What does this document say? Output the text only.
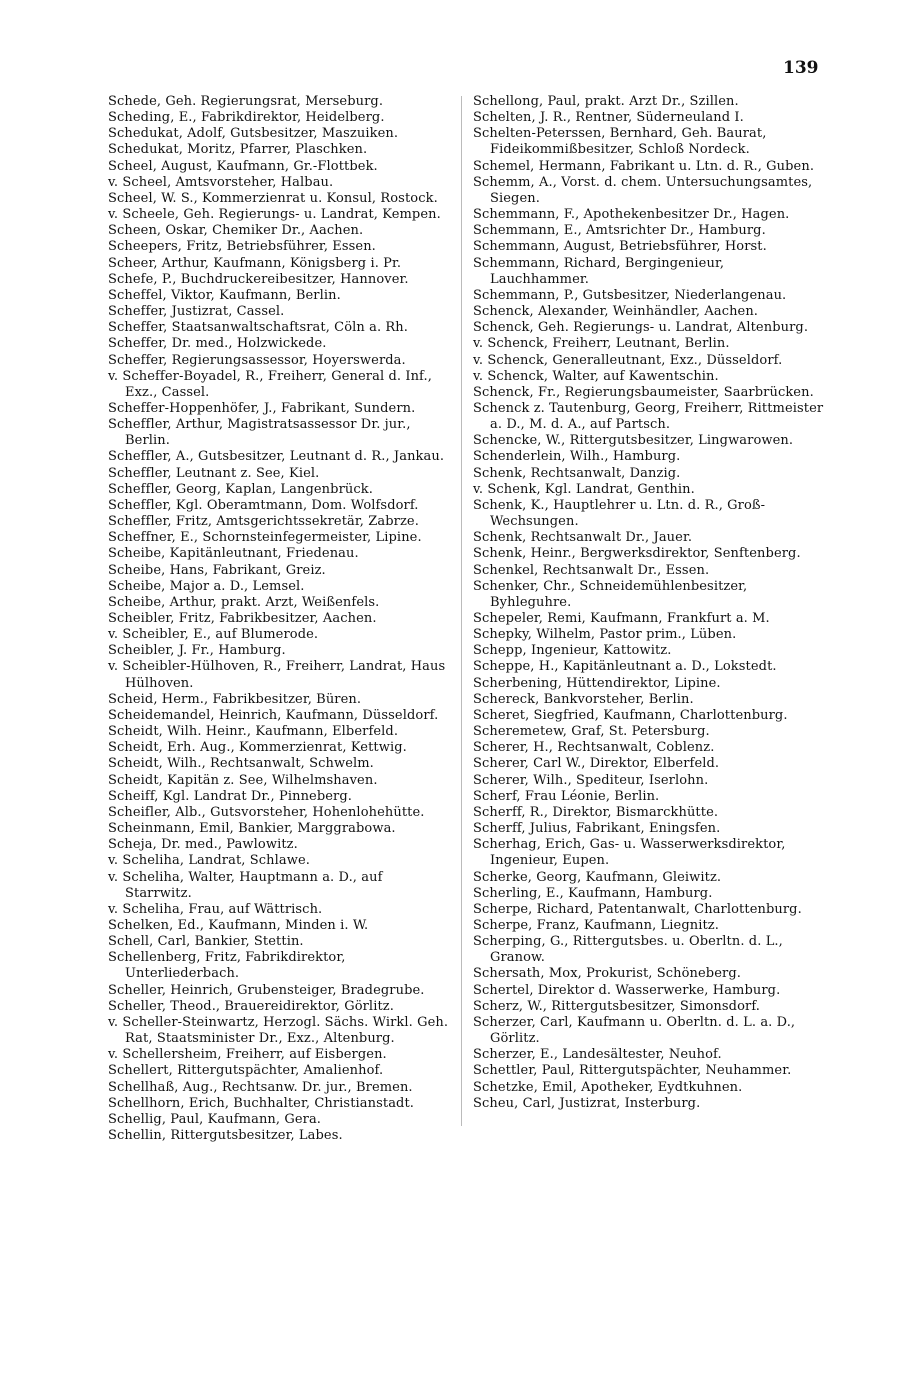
139

Schede, Geh. Regierungsrat, Merseburg.

Scheding, E., Fabrikdirektor, Heidelberg.

Schedukat, Adolf, Gutsbesitzer, Maszuiken.

Schedukat, Moritz, Pfarrer, Plaschken.

Scheel, August, Kaufmann, Gr.-Flottbek.

v. Scheel, Amtsvorsteher, Halbau.

Scheel, W. S., Kommerzienrat u. Konsul, Rostock.

v. Scheele, Geh. Regierungs- u. Landrat, Kempen.

Scheen, Oskar, Chemiker Dr., Aachen.

Scheepers, Fritz, Betriebsführer, Essen.

Scheer, Arthur, Kaufmann, Königsberg i. Pr.

Schefe, P., Buchdruckereibesitzer, Hannover.

Scheffel, Viktor, Kaufmann, Berlin.

Scheffer, Justizrat, Cassel.

Scheffer, Staatsanwaltschaftsrat, Cöln a. Rh.

Scheffer, Dr. med., Holzwickede.

Scheffer, Regierungsassessor, Hoyerswerda.

v. Scheffer-Boyadel, R., Freiherr, General d. Inf., Exz., Cassel.

Scheffer-Hoppenhöfer, J., Fabrikant, Sundern.

Scheffler, Arthur, Magistratsassessor Dr. jur., Berlin.

Scheffler, A., Gutsbesitzer, Leutnant d. R., Jankau.

Scheffler, Leutnant z. See, Kiel.

Scheffler, Georg, Kaplan, Langenbrück.

Scheffler, Kgl. Oberamtmann, Dom. Wolfsdorf.

Scheffler, Fritz, Amtsgerichtssekretär, Zabrze.

Scheffner, E., Schornsteinfegermeister, Lipine.

Scheibe, Kapitänleutnant, Friedenau.

Scheibe, Hans, Fabrikant, Greiz.

Scheibe, Major a. D., Lemsel.

Scheibe, Arthur, prakt. Arzt, Weißenfels.

Scheibler, Fritz, Fabrikbesitzer, Aachen.

v. Scheibler, E., auf Blumerode.

Scheibler, J. Fr., Hamburg.

v. Scheibler-Hülhoven, R., Freiherr, Landrat, Haus Hülhoven.

Scheid, Herm., Fabrikbesitzer, Büren.

Scheidemandel, Heinrich, Kaufmann, Düsseldorf.

Scheidt, Wilh. Heinr., Kaufmann, Elberfeld.

Scheidt, Erh. Aug., Kommerzienrat, Kettwig.

Scheidt, Wilh., Rechtsanwalt, Schwelm.

Scheidt, Kapitän z. See, Wilhelmshaven.

Scheiff, Kgl. Landrat Dr., Pinneberg.

Scheifler, Alb., Gutsvorsteher, Hohenlohehütte.

Scheinmann, Emil, Bankier, Marggrabowa.

Scheja, Dr. med., Pawlowitz.

v. Scheliha, Landrat, Schlawe.

v. Scheliha, Walter, Hauptmann a. D., auf Starrwitz.

v. Scheliha, Frau, auf Wättrisch.

Schelken, Ed., Kaufmann, Minden i. W.

Schell, Carl, Bankier, Stettin.

Schellenberg, Fritz, Fabrikdirektor, Unterliederbach.

Scheller, Heinrich, Grubensteiger, Bradegrube.

Scheller, Theod., Brauereidirektor, Görlitz.

v. Scheller-Steinwartz, Herzogl. Sächs. Wirkl. Geh. Rat, Staatsminister Dr., Exz., Altenburg.

v. Schellersheim, Freiherr, auf Eisbergen.

Schellert, Rittergutspächter, Amalienhof.

Schellhaß, Aug., Rechtsanw. Dr. jur., Bremen.

Schellhorn, Erich, Buchhalter, Christianstadt.

Schellig, Paul, Kaufmann, Gera.

Schellin, Rittergutsbesitzer, Labes.

Schellong, Paul, prakt. Arzt Dr., Szillen.

Schelten, J. R., Rentner, Süderneuland I.

Schelten-Peterssen, Bernhard, Geh. Baurat, Fideikommißbesitzer, Schloß Nordeck.

Schemel, Hermann, Fabrikant u. Ltn. d. R., Guben.

Schemm, A., Vorst. d. chem. Untersuchungsamtes, Siegen.

Schemmann, F., Apothekenbesitzer Dr., Hagen.

Schemmann, E., Amtsrichter Dr., Hamburg.

Schemmann, August, Betriebsführer, Horst.

Schemmann, Richard, Bergingenieur, Lauchhammer.

Schemmann, P., Gutsbesitzer, Niederlangenau.

Schenck, Alexander, Weinhändler, Aachen.

Schenck, Geh. Regierungs- u. Landrat, Altenburg.

v. Schenck, Freiherr, Leutnant, Berlin.

v. Schenck, Generalleutnant, Exz., Düsseldorf.

v. Schenck, Walter, auf Kawentschin.

Schenck, Fr., Regierungsbaumeister, Saarbrücken.

Schenck z. Tautenburg, Georg, Freiherr, Rittmeister a. D., M. d. A., auf Partsch.

Schencke, W., Rittergutsbesitzer, Lingwarowen.

Schenderlein, Wilh., Hamburg.

Schenk, Rechtsanwalt, Danzig.

v. Schenk, Kgl. Landrat, Genthin.

Schenk, K., Hauptlehrer u. Ltn. d. R., Groß-Wechsungen.

Schenk, Rechtsanwalt Dr., Jauer.

Schenk, Heinr., Bergwerksdirektor, Senftenberg.

Schenkel, Rechtsanwalt Dr., Essen.

Schenker, Chr., Schneidemühlenbesitzer, Byhleguhre.

Schepeler, Remi, Kaufmann, Frankfurt a. M.

Schepky, Wilhelm, Pastor prim., Lüben.

Schepp, Ingenieur, Kattowitz.

Scheppe, H., Kapitänleutnant a. D., Lokstedt.

Scherbening, Hüttendirektor, Lipine.

Schereck, Bankvorsteher, Berlin.

Scheret, Siegfried, Kaufmann, Charlottenburg.

Scheremetew, Graf, St. Petersburg.

Scherer, H., Rechtsanwalt, Coblenz.

Scherer, Carl W., Direktor, Elberfeld.

Scherer, Wilh., Spediteur, Iserlohn.

Scherf, Frau Léonie, Berlin.

Scherff, R., Direktor, Bismarckhütte.

Scherff, Julius, Fabrikant, Eningsfen.

Scherhag, Erich, Gas- u. Wasserwerksdirektor, Ingenieur, Eupen.

Scherke, Georg, Kaufmann, Gleiwitz.

Scherling, E., Kaufmann, Hamburg.

Scherpe, Richard, Patentanwalt, Charlottenburg.

Scherpe, Franz, Kaufmann, Liegnitz.

Scherping, G., Rittergutsbes. u. Oberltn. d. L., Granow.

Schersath, Mox, Prokurist, Schöneberg.

Schertel, Direktor d. Wasserwerke, Hamburg.

Scherz, W., Rittergutsbesitzer, Simonsdorf.

Scherzer, Carl, Kaufmann u. Oberltn. d. L. a. D., Görlitz.

Scherzer, E., Landesältester, Neuhof.

Schettler, Paul, Rittergutspächter, Neuhammer.

Schetzke, Emil, Apotheker, Eydtkuhnen.

Scheu, Carl, Justizrat, Insterburg.
